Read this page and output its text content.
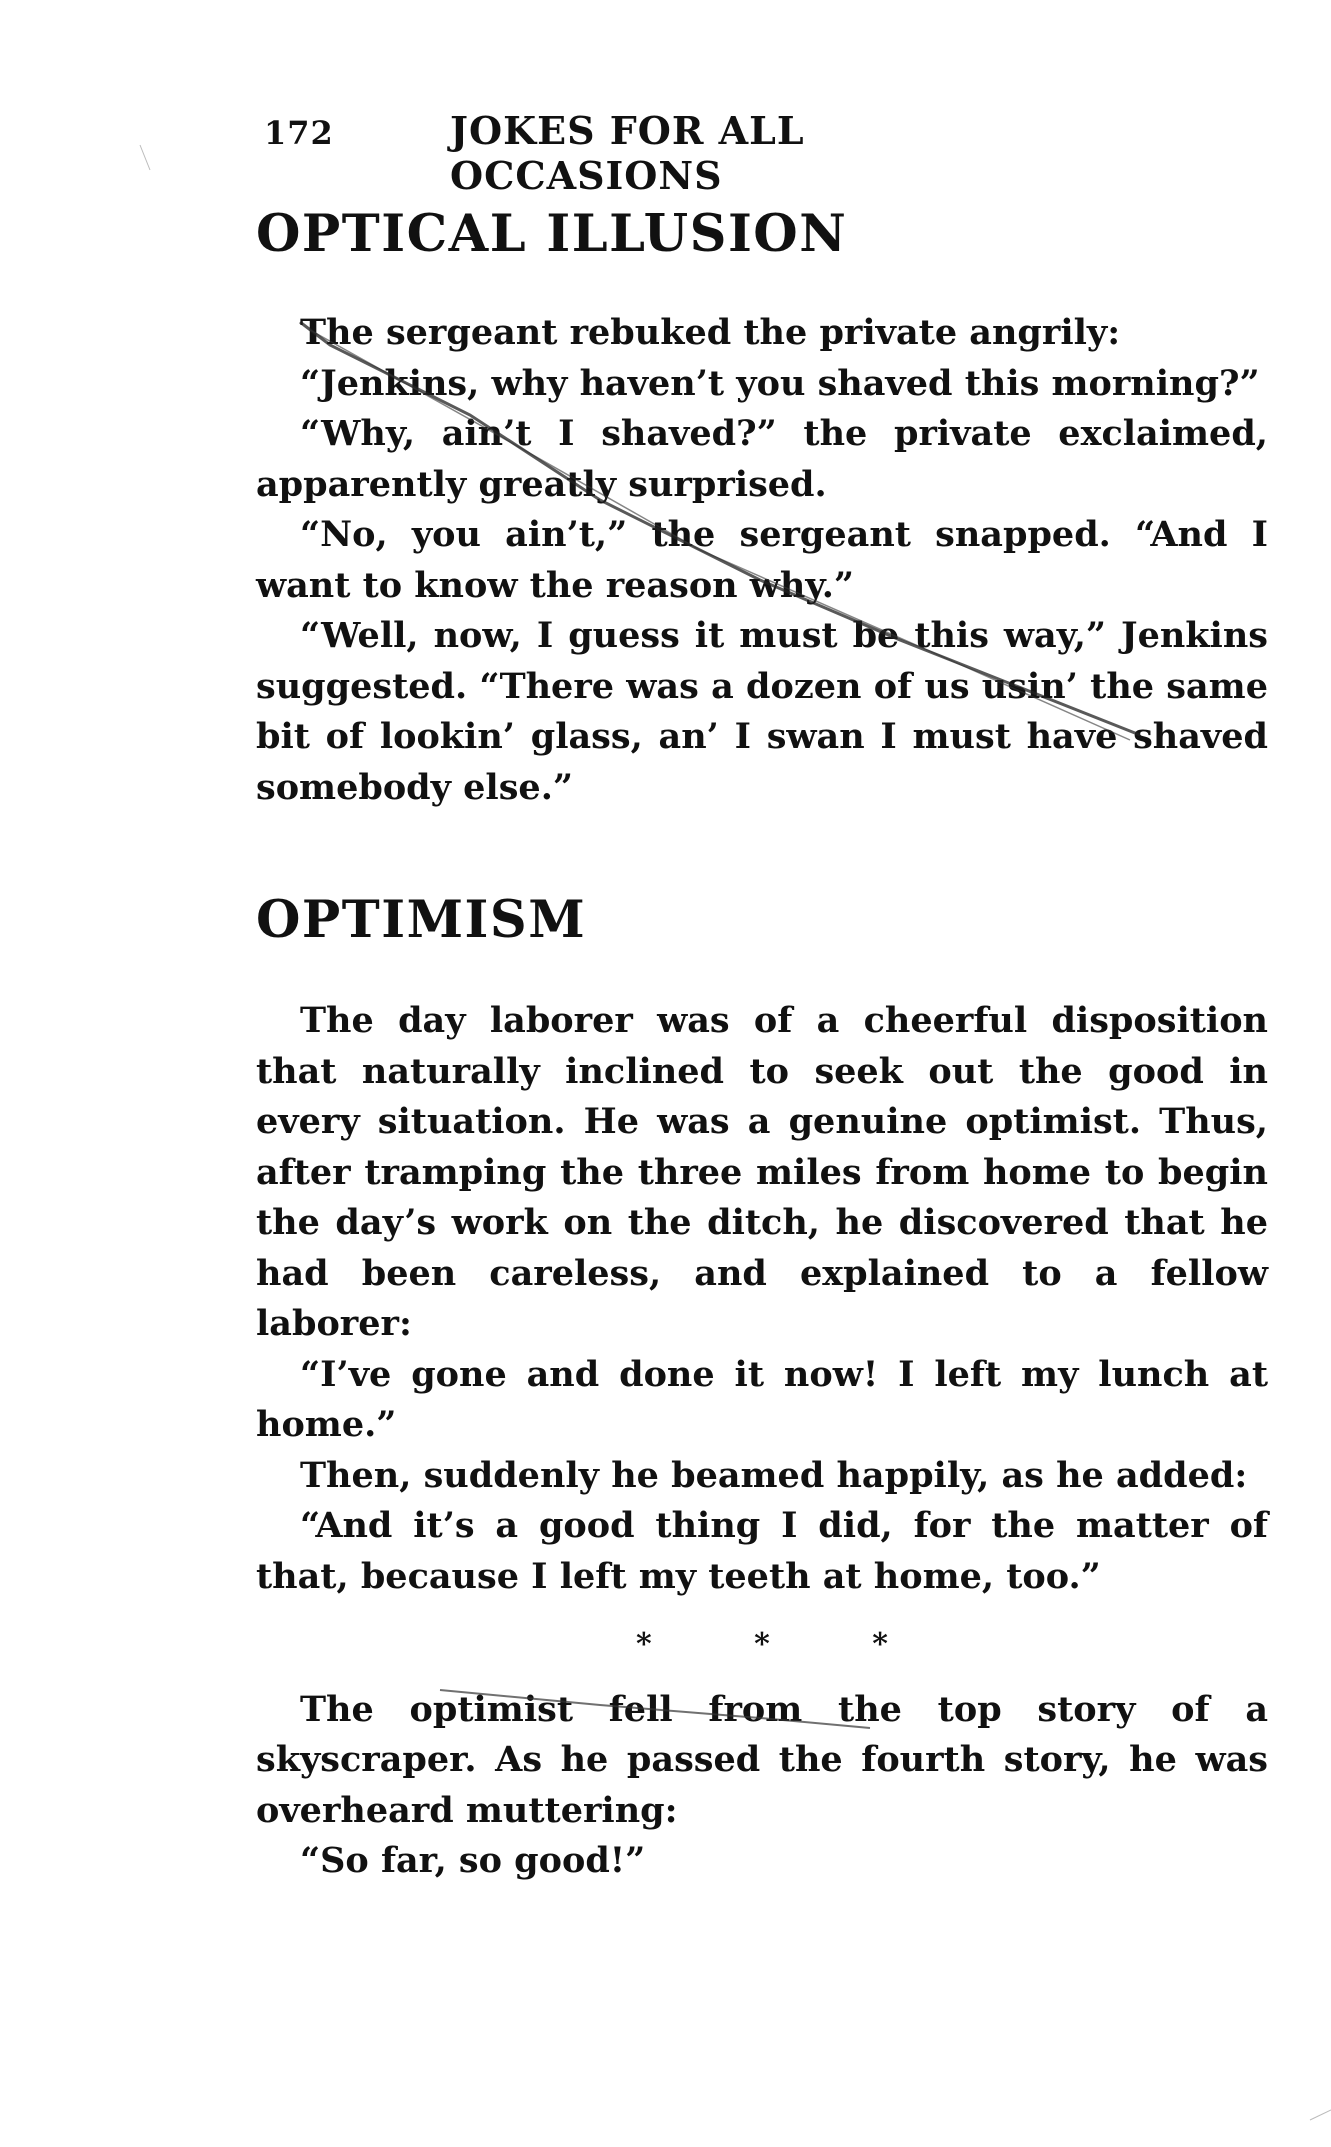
172	JOKES FOR ALL OCCASIONS
OPTICAL ILLUSION

The sergeant rebuked the private angrily:

“Jenkins, why haven’t you shaved this morning?”

“Why, ain’t I shaved?” the private exclaimed, apparently greatly surprised.

“No, you ain’t,” the sergeant snapped. “And I want to know the reason why.”

“Well, now, I guess it must be this way,” Jenkins suggested. “There was a dozen of us usin’ the same bit of lookin’ glass, an’ I swan I must have shaved somebody else.”

OPTIMISM

The day laborer was of a cheerful disposition that naturally inclined to seek out the good in every situation. He was a genuine optimist. Thus, after tramping the three miles from home to begin the day’s work on the ditch, he discovered that he had been careless, and explained to a fellow laborer:

“I’ve gone and done it now! I left my lunch at home.”

Then, suddenly he beamed happily, as he added:

“And it’s a good thing I did, for the matter of that, because I left my teeth at home, too.”

* * *

The optimist fell from the top story of a skyscraper. As he passed the fourth story, he was overheard muttering:

“So far, so good!”
